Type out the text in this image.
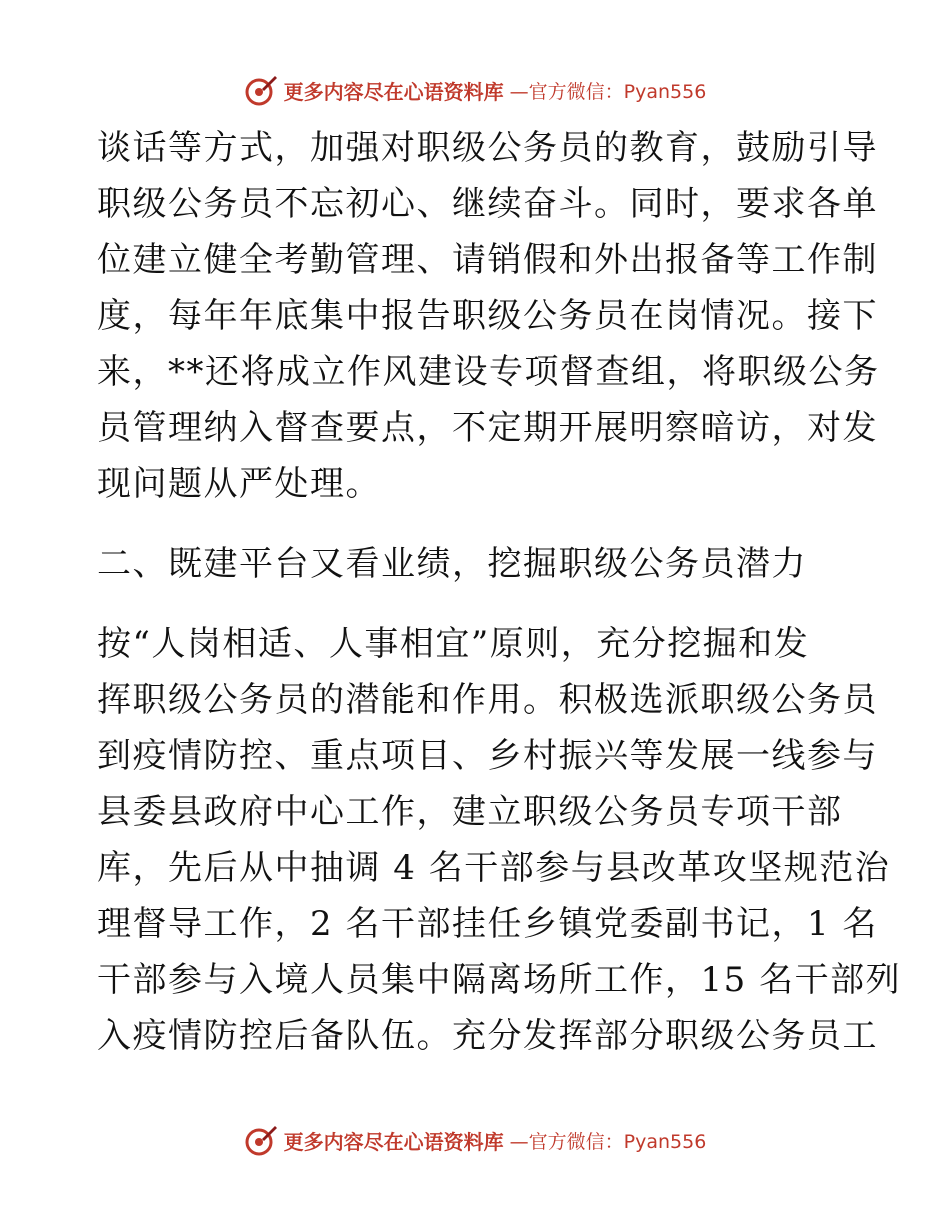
更多内容尽在心语资料库 —官方微信：Pyan556
谈话等方式，加强对职级公务员的教育，鼓励引导
职级公务员不忘初心、继续奋斗。同时，要求各单
位建立健全考勤管理、请销假和外出报备等工作制
度，每年年底集中报告职级公务员在岗情况。接下
来，**还将成立作风建设专项督查组，将职级公务
员管理纳入督查要点，不定期开展明察暗访，对发
现问题从严处理。
二、既建平台又看业绩，挖掘职级公务员潜力
按“人岗相适、人事相宜”原则，充分挖掘和发
挥职级公务员的潜能和作用。积极选派职级公务员
到疫情防控、重点项目、乡村振兴等发展一线参与
县委县政府中心工作，建立职级公务员专项干部
库，先后从中抽调 4 名干部参与县改革攻坚规范治
理督导工作，2 名干部挂任乡镇党委副书记，1 名
干部参与入境人员集中隔离场所工作，15 名干部列
入疫情防控后备队伍。充分发挥部分职级公务员工
更多内容尽在心语资料库 —官方微信：Pyan556
